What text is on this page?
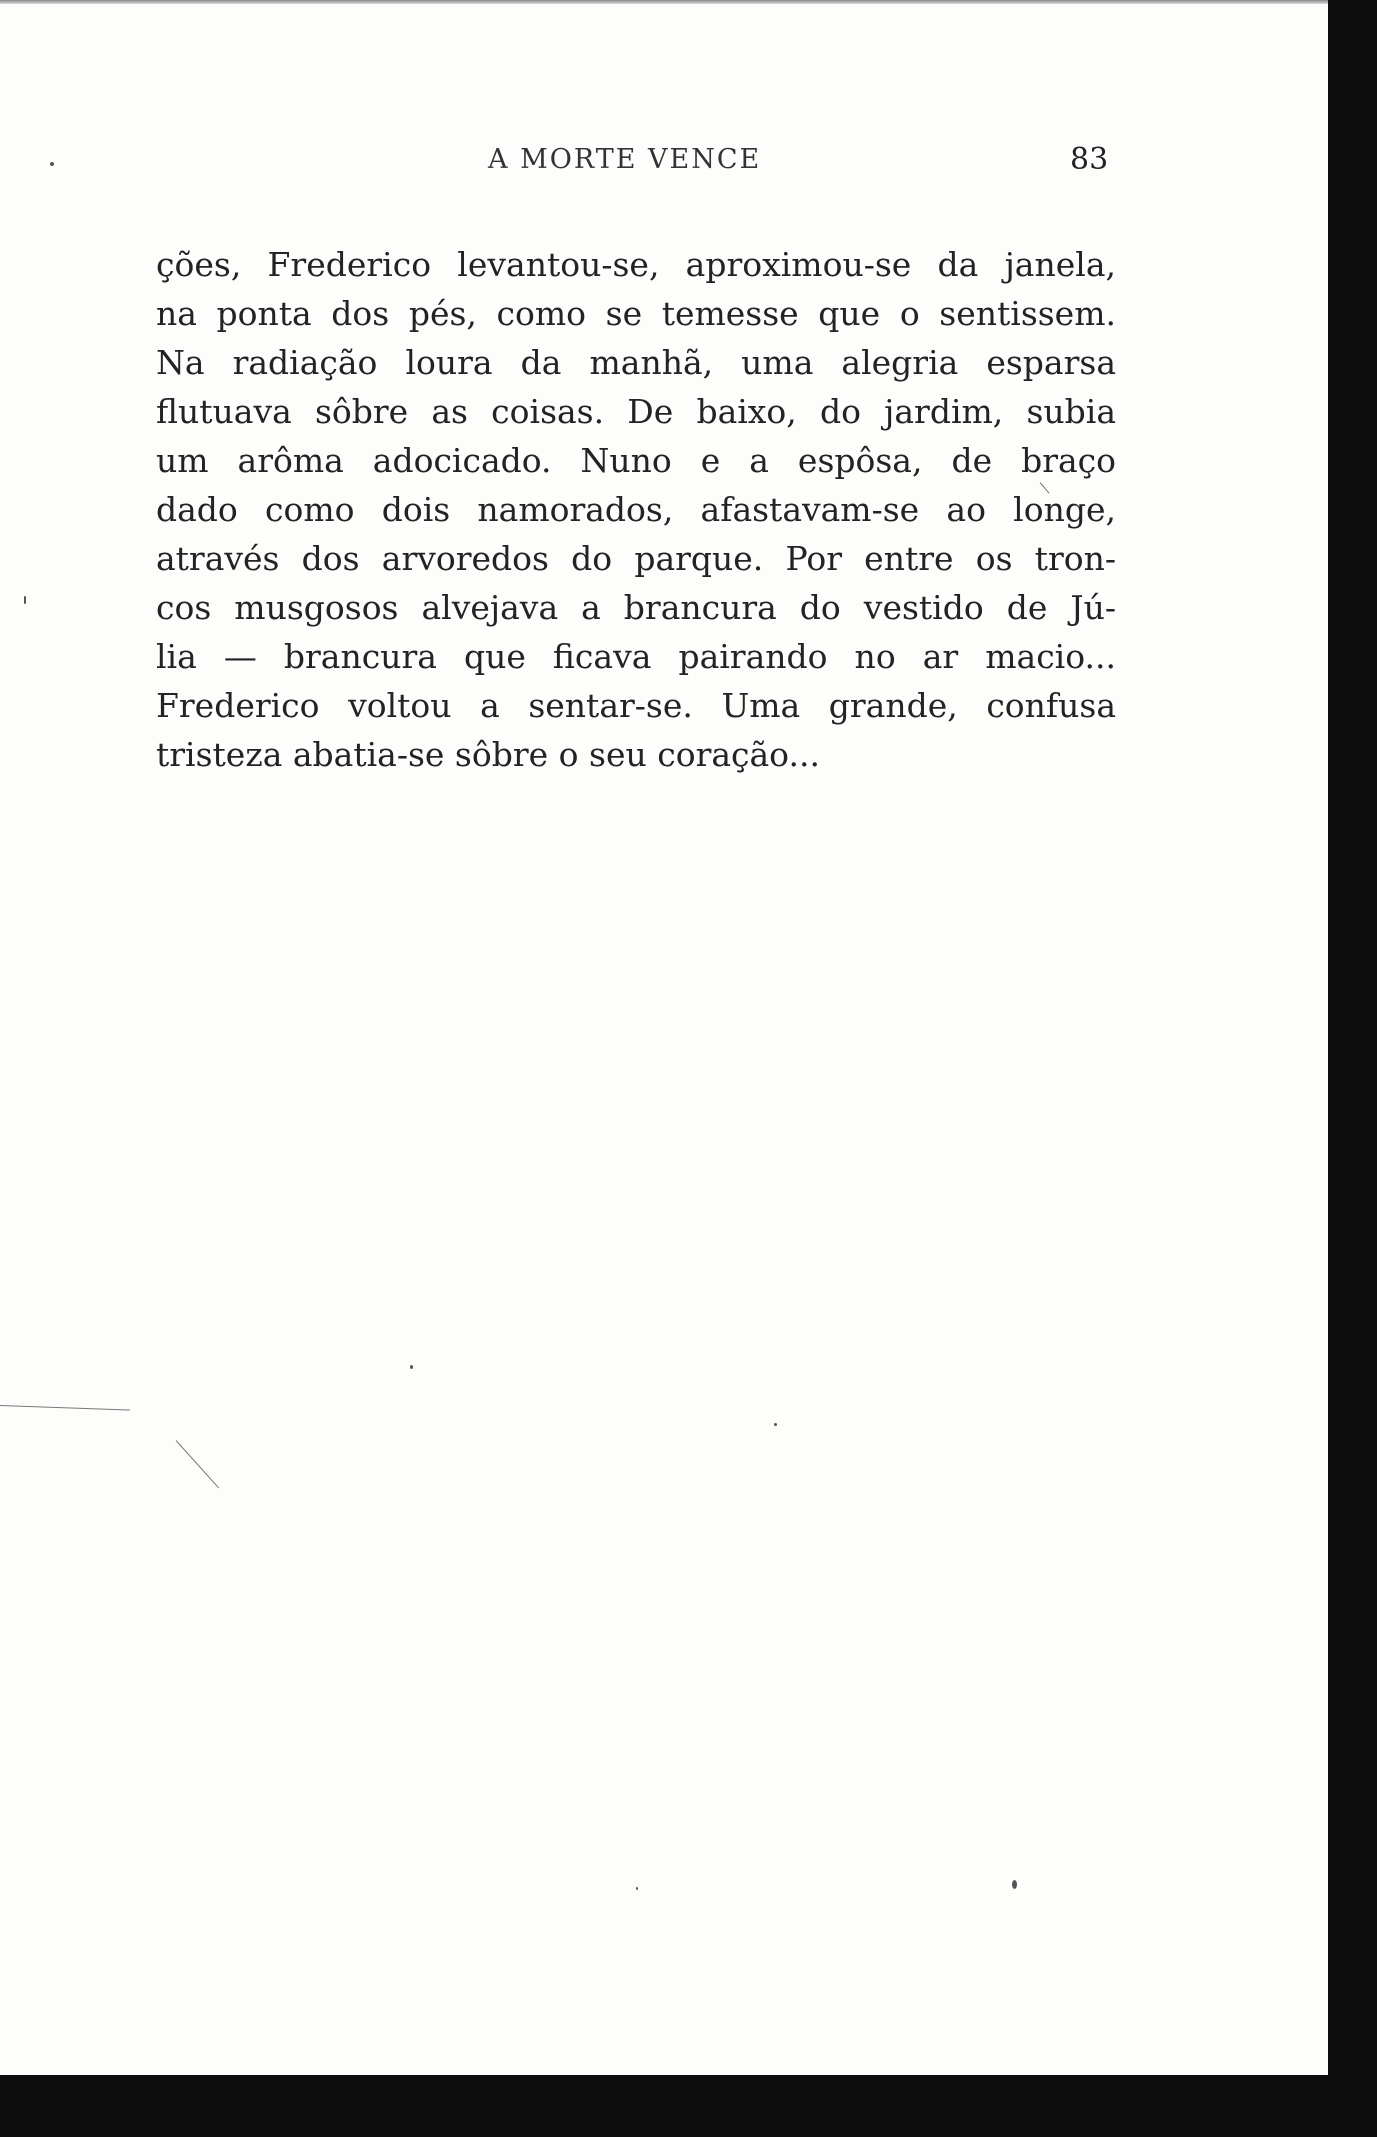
A MORTE VENCE	83
ções, Frederico levantou-se, aproximou-se da janela,
na ponta dos pés, como se temesse que o sentissem.
Na radiação loura da manhã, uma alegria esparsa
flutuava sôbre as coisas. De baixo, do jardim, subia
um arôma adocicado. Nuno e a espôsa, de braço
dado como dois namorados, afastavam-se ao longe,
através dos arvoredos do parque. Por entre os tron-
cos musgosos alvejava a brancura do vestido de Jú-
lia — brancura que ficava pairando no ar macio...
Frederico voltou a sentar-se. Uma grande, confusa
tristeza abatia-se sôbre o seu coração...
